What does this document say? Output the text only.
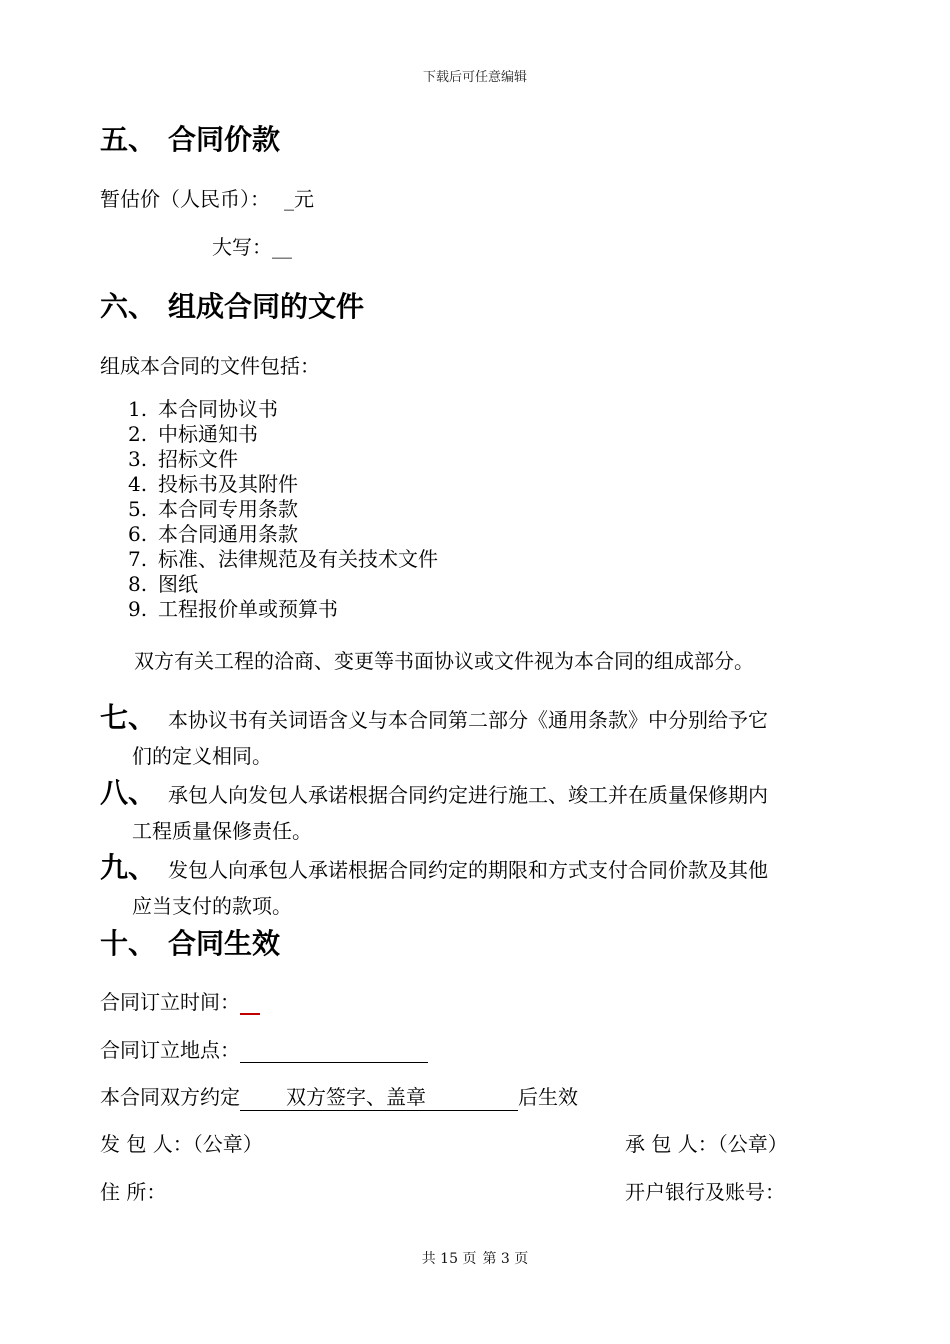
下载后可任意编辑
五、 合同价款
暂估价（人民币）： _元
大写：__
六、 组成合同的文件
组成本合同的文件包括：
1. 本合同协议书
2. 中标通知书
3. 招标文件
4. 投标书及其附件
5. 本合同专用条款
6. 本合同通用条款
7. 标准、法律规范及有关技术文件
8. 图纸
9. 工程报价单或预算书
双方有关工程的洽商、变更等书面协议或文件视为本合同的组成部分。
七、 本协议书有关词语含义与本合同第二部分《通用条款》中分别给予它
们的定义相同。
八、 承包人向发包人承诺根据合同约定进行施工、竣工并在质量保修期内
工程质量保修责任。
九、 发包人向承包人承诺根据合同约定的期限和方式支付合同价款及其他
应当支付的款项。
十、 合同生效
合同订立时间：
合同订立地点：
本合同双方约定 双方签字、盖章	后生效
发 包 人：（公章）	承 包 人：（公章）
住 所：	开户银行及账号：
共 15 页 第 3 页
